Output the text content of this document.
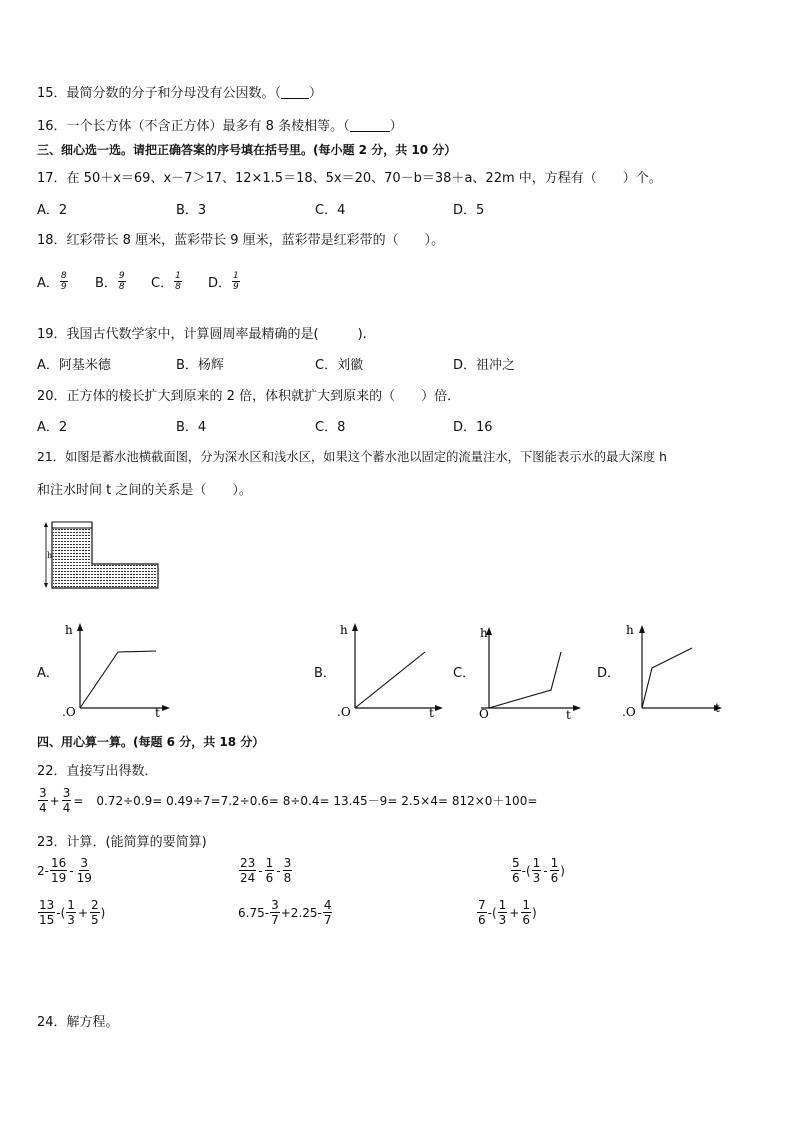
15．最简分数的分子和分母没有公因数。（ ）
16．一个长方体（不含正方体）最多有 8 条棱相等。（	）
三、细心选一选。请把正确答案的序号填在括号里。(每小题 2 分，共 10 分）
17．在 50＋x＝69、x－7＞17、12×1.5＝18、5x＝20、70－b＝38＋a、22m 中，方程有（　　）个。
A．2	B．3	C．4	D．5
18．红彩带长 8 厘米，蓝彩带长 9 厘米，蓝彩带是红彩带的（　　）。
A． $\frac{8}{9}$ B． $\frac{9}{8}$ C． $\frac{1}{8}$ D． $\frac{1}{9}$
19．我国古代数学家中，计算圆周率最精确的是(　　　).
A．阿基米德	B．杨辉	C．刘徽	D．祖冲之
20．正方体的棱长扩大到原来的 2 倍，体积就扩大到原来的（　　）倍．
A．2	B．4	C．8	D．16
21．如图是蓄水池横截面图，分为深水区和浅水区，如果这个蓄水池以固定的流量注水，下图能表示水的最大深度 h
和注水时间 t 之间的关系是（　　）。
h
A．
h
t
.O
B．
h
t
.O
C．
h
t
O
D．
h
t
.O
四、用心算一算。(每题 6 分，共 18 分）
22．直接写出得数．
$\frac{3}{4} + \frac{3}{4} = 0.72\div 0.9= 0.49\div 7=7.2\div 0.6= 8\div 0.4= 13.45-9= 2.5\times 4= 812\times 0+100=$
23．计算．(能简算的要简算)
$2- \frac{16}{19} - \frac{3}{19}$	$\frac{23}{24} - \frac{1}{6} - \frac{3}{8}$	$\frac{5}{6}$ -( $\frac{1}{3} - \frac{1}{6}$ )
$\frac{13}{15}$ -( $\frac{1}{3} + \frac{2}{5}$ )	$6.75- \frac{3}{7} +2.25- \frac{4}{7}$	$\frac{7}{6}$ -( $\frac{1}{3} + \frac{1}{6}$ )
24．解方程。
